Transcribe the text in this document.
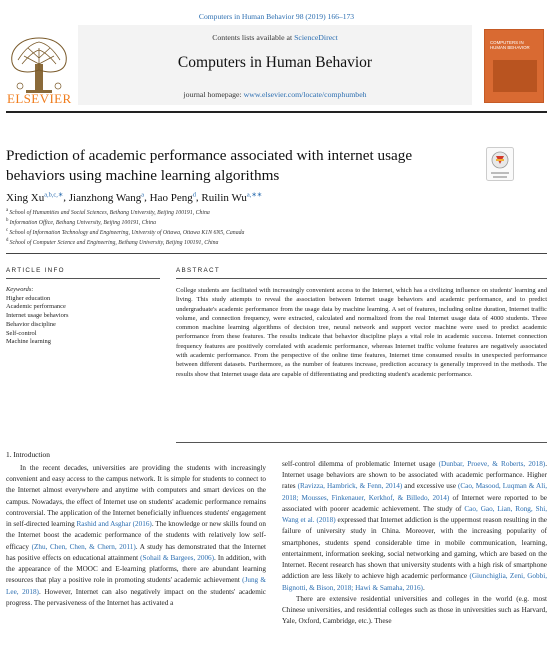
Computers in Human Behavior 98 (2019) 166–173
ELSEVIER
Contents lists available at ScienceDirect
Computers in Human Behavior
journal homepage: www.elsevier.com/locate/comphumbeh
COMPUTERS IN HUMAN BEHAVIOR
Prediction of academic performance associated with internet usage behaviors using machine learning algorithms
Xing $Xu^{a,b,c,∗}$, Jianzhong Wang$^a$, Hao Peng$^d$, Ruilin $Wu^{a,∗∗}$
$^a$ School of Humanities and Social Sciences, Beihang University, Beijing 100191, China
$^b$ Information Office, Beihang University, Beijing 100191, China
$^c$ School of Information Technology and Engineering, University of Ottawa, Ottawa K1N 6N5, Canada
$^d$ School of Computer Science and Engineering, Beihang University, Beijing 100191, China
ARTICLE INFO	ABSTRACT
Keywords:
Higher education
Academic performance
Internet usage behaviors
Behavior discipline
Self-control
Machine learning
College students are facilitated with increasingly convenient access to the Internet, which has a civilizing influence on students' learning and living. This study attempts to reveal the association between Internet usage behaviors and academic performance, and to predict undergraduate's academic performance from the usage data by machine learning. A set of features, including online duration, Internet traffic volume, and connection frequency, were extracted, calculated and normalized from the real Internet usage data of 4000 students. Three common machine learning algorithms of decision tree, neural network and support vector machine were used to predict academic performance from these features. The results indicate that behavior discipline plays a vital role in academic success. Internet connection frequency features are positively correlated with academic performance, whereas Internet traffic volume features are negatively associated with academic performance. From the perspective of the online time features, Internet time consumed results in unexpected performance between different datasets. Furthermore, as the number of features increase, prediction accuracy is generally improved in the methods. The results show that Internet usage data are capable of differentiating and predicting student's academic performance.
1. Introduction
In the recent decades, universities are providing the students with increasingly convenient and easy access to the campus network. It is simple for students to connect to the Internet almost everywhere and anytime with computers and smart devices on the campus. Nowadays, the effect of Internet use on students' academic performance remains controversial. The application of the Internet beneficially influences students' engagement in self-directed learning Rashid and Asghar (2016). The knowledge or new skills found on the Internet boost the academic performance of the students with relatively low self-efficacy (Zhu, Chen, Chen, & Chern, 2011). A study has demonstrated that the Internet has positive effects on educational attainment (Sohail & Bargees, 2006). In addition, with the appearance of the MOOC and E-learning platforms, there are abundant learning resources that play a positive role in promoting students' academic achievement (Jung & Lee, 2018). However, Internet can also negatively impact on the students' academic progress. The pervasiveness of the Internet has activated a
self-control dilemma of problematic Internet usage (Dunbar, Proeve, & Roberts, 2018). Internet usage behaviors are shown to be associated with academic performance. Higher rates (Ravizza, Hambrick, & Fenn, 2014) and excessive use (Cao, Masood, Luqman & Ali, 2018; Mousses, Finkenauer, Kerkhof, & Billedo, 2014) of Internet were reported to be associated with poorer academic achievement. The study of Cao, Gao, Lian, Rong, Shi, Wang et al. (2018) expressed that Internet addiction is the uppermost reason resulting in the failure of university study in China. Moreover, with the increasing popularity of smartphones, students spend considerable time in mobile communication, learning, entertainment, information seeking, social networking and gaming, which are based on the Internet. Recent research has shown that university students with a high risk of smartphone addiction are less likely to achieve high academic performance (Giunchiglia, Zeni, Gobbi, Bignotti, & Bison, 2018; Hawi & Samaha, 2016).
There are extensive residential universities and colleges in the world (e.g. most Chinese universities, and residential colleges such as those in universities such as Harvard, Yale, Oxford, Cambridge, etc.). These
